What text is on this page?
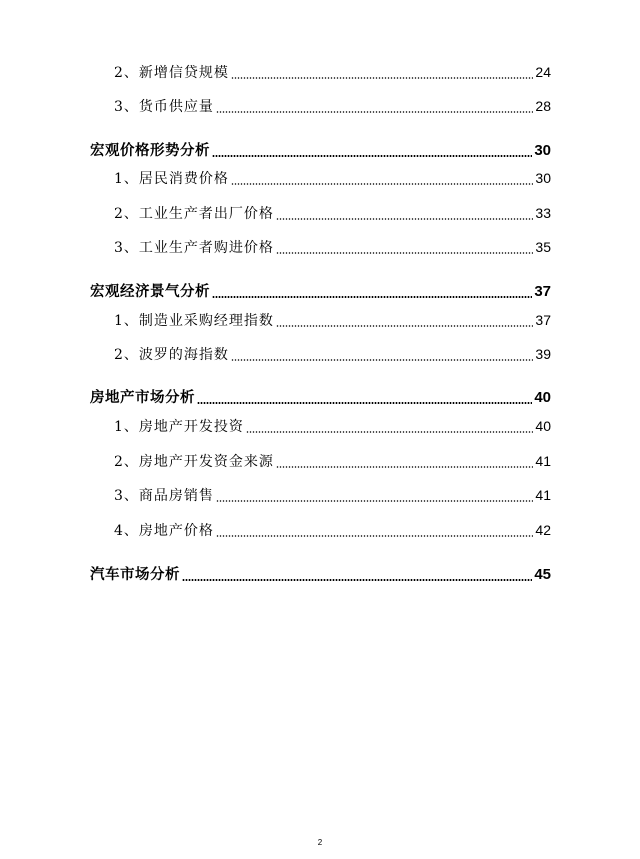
2、新增信贷规模	24
3、货币供应量	28
宏观价格形势分析	30
1、居民消费价格	30
2、工业生产者出厂价格	33
3、工业生产者购进价格	35
宏观经济景气分析	37
1、制造业采购经理指数	37
2、波罗的海指数	39
房地产市场分析	40
1、房地产开发投资	40
2、房地产开发资金来源	41
3、商品房销售	41
4、房地产价格	42
汽车市场分析	45
2
